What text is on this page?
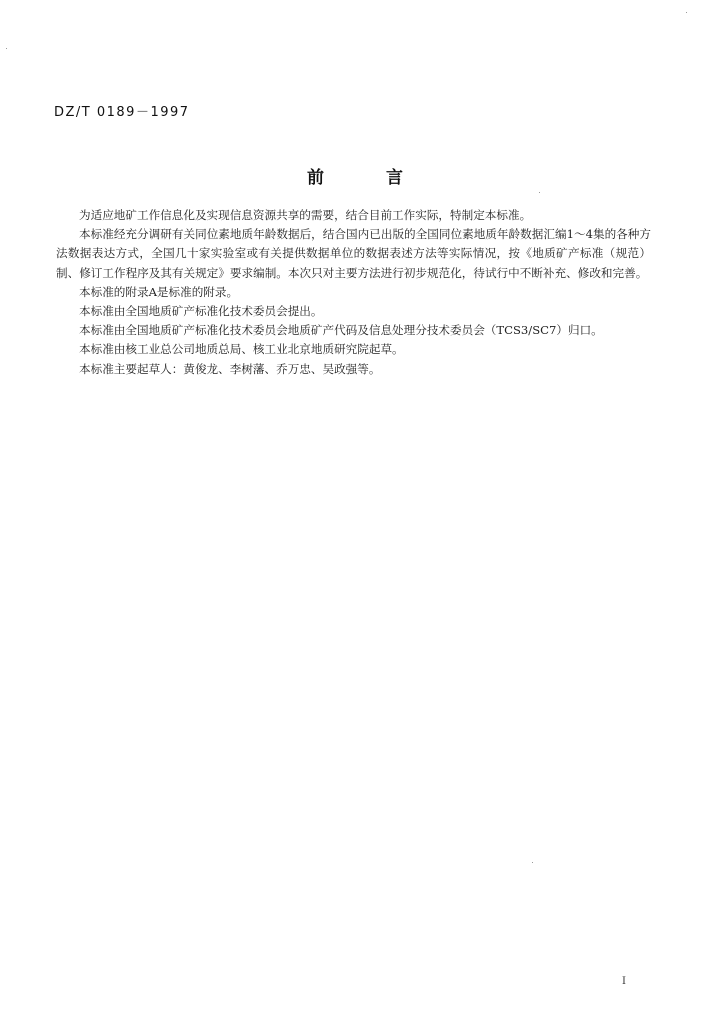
DZ/T 0189－1997
前	言

为适应地矿工作信息化及实现信息资源共享的需要，结合目前工作实际，特制定本标准。

本标准经充分调研有关同位素地质年龄数据后，结合国内已出版的全国同位素地质年龄数据汇编1～4集的各种方法数据表达方式，全国几十家实验室或有关提供数据单位的数据表述方法等实际情况，按《地质矿产标准（规范）制、修订工作程序及其有关规定》要求编制。本次只对主要方法进行初步规范化，待试行中不断补充、修改和完善。

本标准的附录A是标准的附录。

本标准由全国地质矿产标准化技术委员会提出。

本标准由全国地质矿产标准化技术委员会地质矿产代码及信息处理分技术委员会（TCS3/SC7）归口。

本标准由核工业总公司地质总局、核工业北京地质研究院起草。

本标准主要起草人：黄俊龙、李树藩、乔万忠、吴政强等。

I
